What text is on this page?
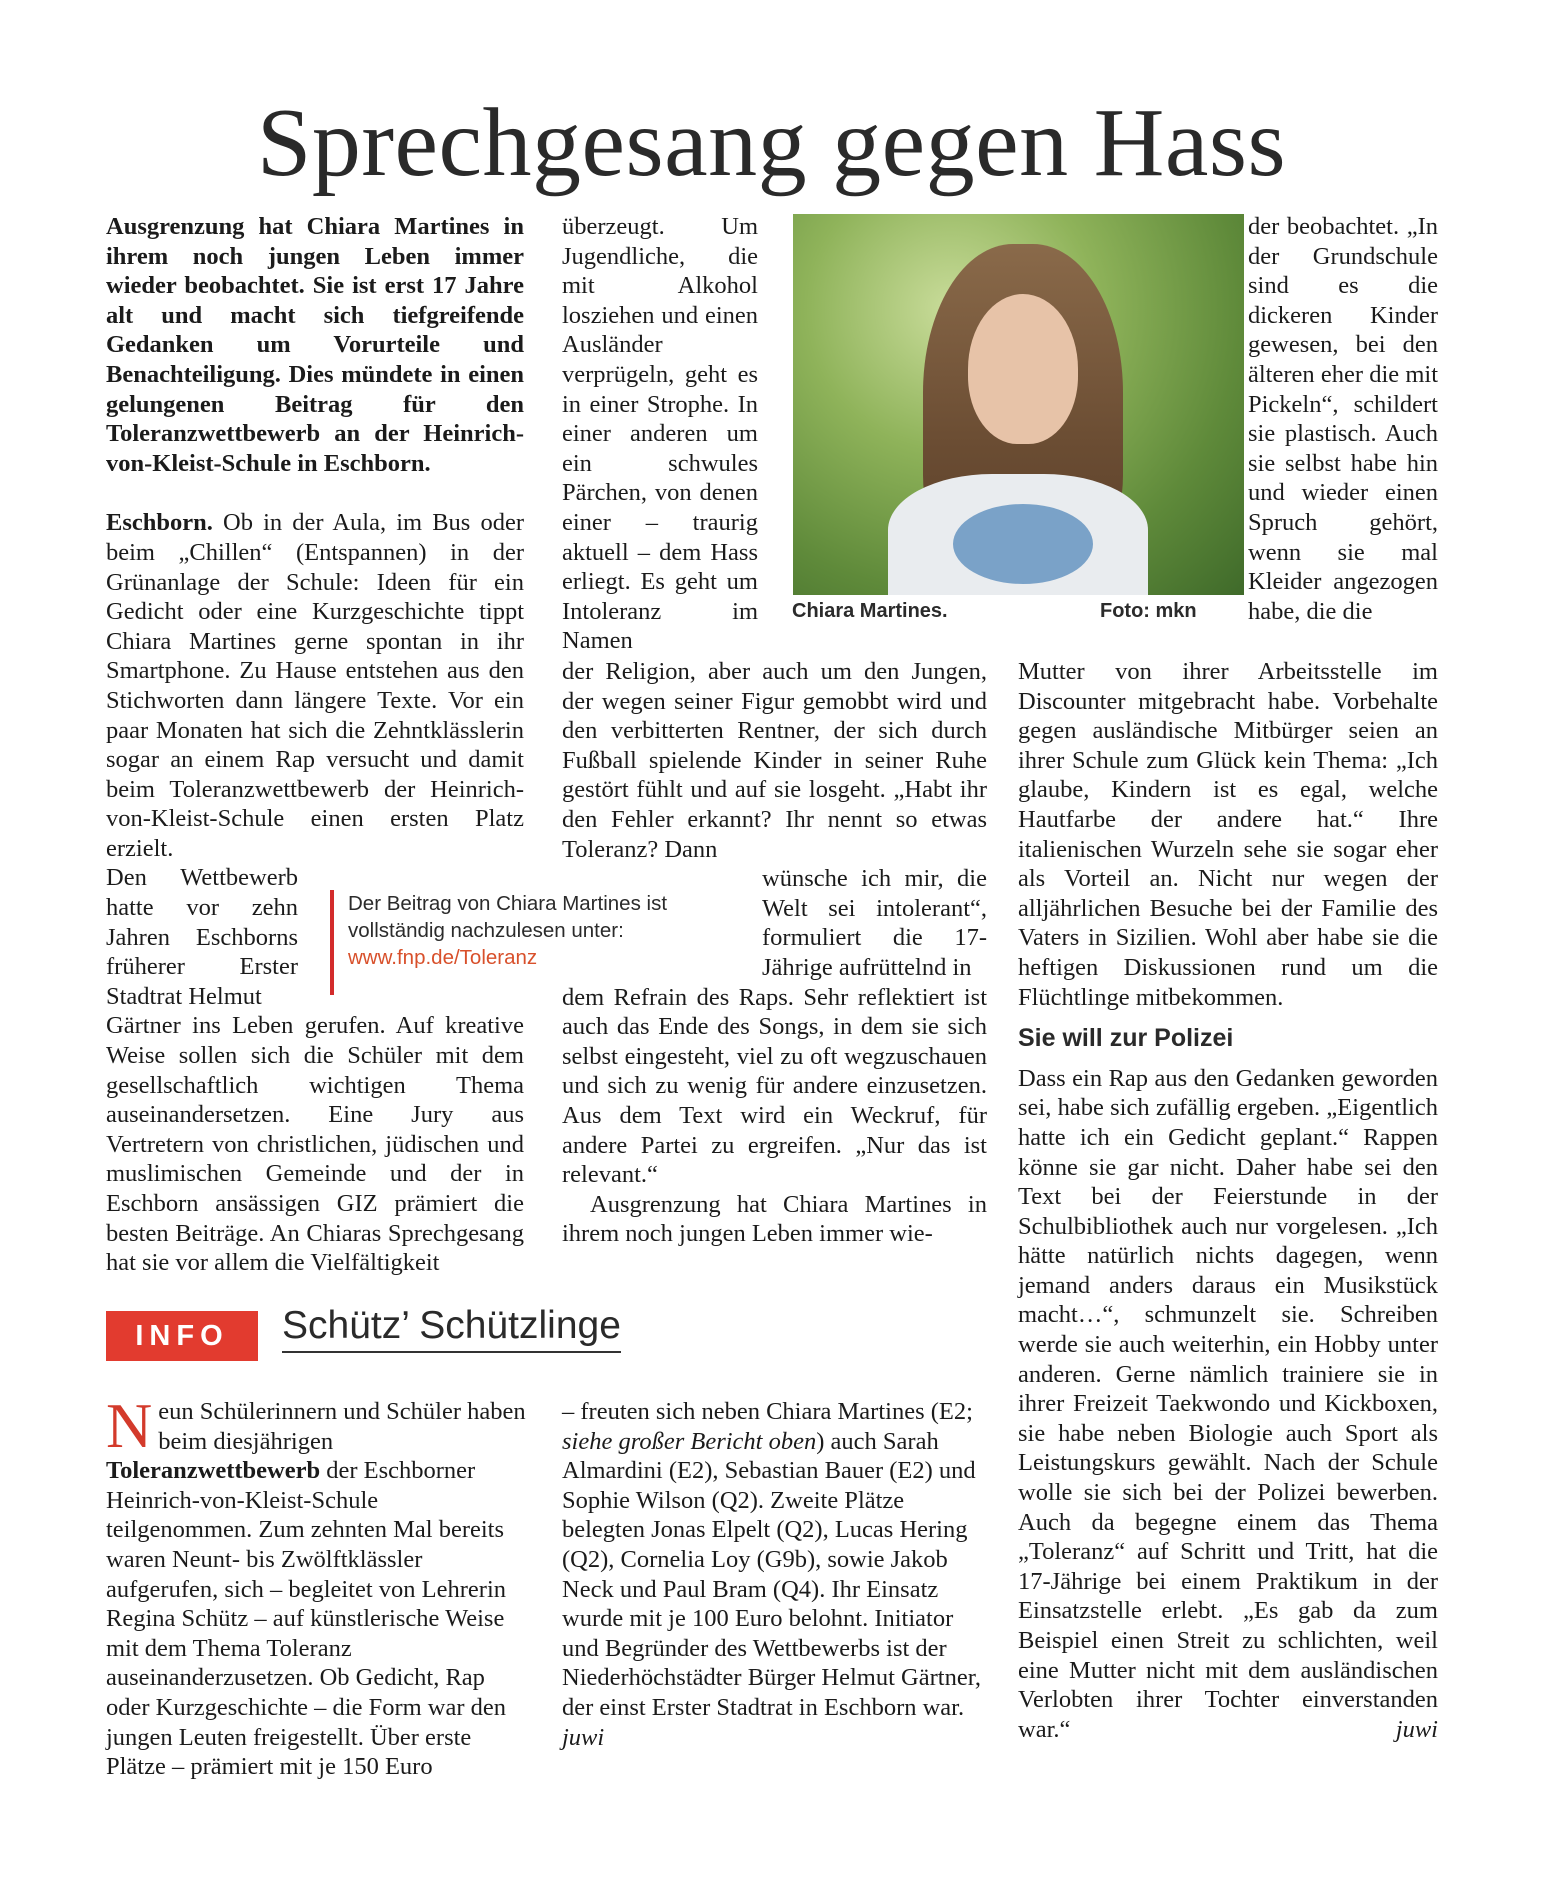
Sprechgesang gegen Hass

Ausgrenzung hat Chiara Martines in ihrem noch jungen Leben immer wieder beobachtet. Sie ist erst 17 Jahre alt und macht sich tiefgreifende Gedanken um Vorurteile und Benachteiligung. Dies mündete in einen gelungenen Beitrag für den Toleranzwettbewerb an der Heinrich-von-Kleist-Schule in Eschborn.

Eschborn. Ob in der Aula, im Bus oder beim „Chillen“ (Entspannen) in der Grünanlage der Schule: Ideen für ein Gedicht oder eine Kurzgeschichte tippt Chiara Martines gerne spontan in ihr Smartphone. Zu Hause entstehen aus den Stichworten dann längere Texte. Vor ein paar Monaten hat sich die Zehntklässlerin sogar an einem Rap versucht und damit beim Toleranzwettbewerb der Heinrich-von-Kleist-Schule einen ersten Platz erzielt.

Den Wettbewerb hatte vor zehn Jahren Eschborns früherer Erster Stadtrat Helmut

Gärtner ins Leben gerufen. Auf kreative Weise sollen sich die Schüler mit dem gesellschaftlich wichtigen Thema auseinandersetzen. Eine Jury aus Vertretern von christlichen, jüdischen und muslimischen Gemeinde und der in Eschborn ansässigen GIZ prämiert die besten Beiträge. An Chiaras Sprechgesang hat sie vor allem die Vielfältigkeit

überzeugt. Um Jugendliche, die mit Alkohol losziehen und einen Ausländer verprügeln, geht es in einer Strophe. In einer anderen um ein schwules Pärchen, von denen einer – traurig aktuell – dem Hass erliegt. Es geht um Intoleranz im Namen

der Religion, aber auch um den Jungen, der wegen seiner Figur gemobbt wird und den verbitterten Rentner, der sich durch Fußball spielende Kinder in seiner Ruhe gestört fühlt und auf sie losgeht. „Habt ihr den Fehler erkannt? Ihr nennt so etwas Toleranz? Dann

wünsche ich mir, die Welt sei intolerant“, formuliert die 17-Jährige aufrüttelnd in

dem Refrain des Raps. Sehr reflektiert ist auch das Ende des Songs, in dem sie sich selbst eingesteht, viel zu oft wegzuschauen und sich zu wenig für andere einzusetzen. Aus dem Text wird ein Weckruf, für andere Partei zu ergreifen. „Nur das ist relevant.“

Ausgrenzung hat Chiara Martines in ihrem noch jungen Leben immer wie-

Chiara Martines.	Foto: mkn

der beobachtet. „In der Grundschule sind es die dickeren Kinder gewesen, bei den älteren eher die mit Pickeln“, schildert sie plastisch. Auch sie selbst habe hin und wieder einen Spruch gehört, wenn sie mal Kleider angezogen habe, die die

Mutter von ihrer Arbeitsstelle im Discounter mitgebracht habe. Vorbehalte gegen ausländische Mitbürger seien an ihrer Schule zum Glück kein Thema: „Ich glaube, Kindern ist es egal, welche Hautfarbe der andere hat.“ Ihre italienischen Wurzeln sehe sie sogar eher als Vorteil an. Nicht nur wegen der alljährlichen Besuche bei der Familie des Vaters in Sizilien. Wohl aber habe sie die heftigen Diskussionen rund um die Flüchtlinge mitbekommen.

Sie will zur Polizei

Dass ein Rap aus den Gedanken geworden sei, habe sich zufällig ergeben. „Eigentlich hatte ich ein Gedicht geplant.“ Rappen könne sie gar nicht. Daher habe sei den Text bei der Feierstunde in der Schulbibliothek auch nur vorgelesen. „Ich hätte natürlich nichts dagegen, wenn jemand anders daraus ein Musikstück macht…“, schmunzelt sie. Schreiben werde sie auch weiterhin, ein Hobby unter anderen. Gerne nämlich trainiere sie in ihrer Freizeit Taekwondo und Kickboxen, sie habe neben Biologie auch Sport als Leistungskurs gewählt. Nach der Schule wolle sie sich bei der Polizei bewerben. Auch da begegne einem das Thema „Toleranz“ auf Schritt und Tritt, hat die 17-Jährige bei einem Praktikum in der Einsatzstelle erlebt. „Es gab da zum Beispiel einen Streit zu schlichten, weil eine Mutter nicht mit dem ausländischen Verlobten ihrer Tochter einverstanden war.“	juwi

Der Beitrag von Chiara Martines ist
vollständig nachzulesen unter:
www.fnp.de/Toleranz
INFO	Schütz’ Schützlinge
Neun Schülerinnern und Schüler haben beim diesjährigen Toleranzwettbewerb der Eschborner Heinrich-von-Kleist-Schule teilgenommen. Zum zehnten Mal bereits waren Neunt- bis Zwölftklässler aufgerufen, sich – begleitet von Lehrerin Regina Schütz – auf künstlerische Weise mit dem Thema Toleranz auseinanderzusetzen. Ob Gedicht, Rap oder Kurzgeschichte – die Form war den jungen Leuten freigestellt. Über erste Plätze – prämiert mit je 150 Euro
– freuten sich neben Chiara Martines (E2; siehe großer Bericht oben) auch Sarah Almardini (E2), Sebastian Bauer (E2) und Sophie Wilson (Q2). Zweite Plätze belegten Jonas Elpelt (Q2), Lucas Hering (Q2), Cornelia Loy (G9b), sowie Jakob Neck und Paul Bram (Q4). Ihr Einsatz wurde mit je 100 Euro belohnt. Initiator und Begründer des Wettbewerbs ist der Niederhöchstädter Bürger Helmut Gärtner, der einst Erster Stadtrat in Eschborn war. juwi
